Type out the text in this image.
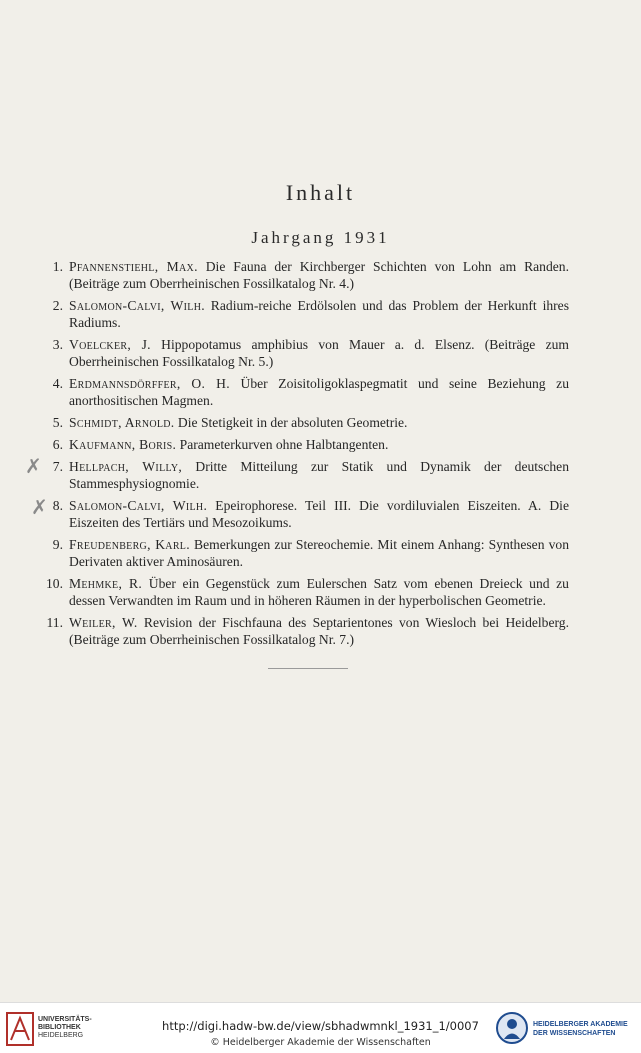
Inhalt
Jahrgang 1931
1. Pfannenstiehl, Max. Die Fauna der Kirchberger Schichten von Lohn am Randen. (Beiträge zum Oberrheinischen Fossilkatalog Nr. 4.)
2. Salomon-Calvi, Wilh. Radium-reiche Erdölsolen und das Problem der Herkunft ihres Radiums.
3. Voelcker, J. Hippopotamus amphibius von Mauer a. d. Elsenz. (Beiträge zum Oberrheinischen Fossilkatalog Nr. 5.)
4. Erdmannsdörffer, O. H. Über Zoisitoligoklaspegmatit und seine Beziehung zu anorthositischen Magmen.
5. Schmidt, Arnold. Die Stetigkeit in der absoluten Geometrie.
6. Kaufmann, Boris. Parameterkurven ohne Halbtangenten.
✗ 7. Hellpach, Willy, Dritte Mitteilung zur Statik und Dynamik der deutschen Stammesphysiognomie.
✗ 8. Salomon-Calvi, Wilh. Epeirophorese. Teil III. Die vordiluvialen Eiszeiten. A. Die Eiszeiten des Tertiärs und Mesozoikums.
9. Freudenberg, Karl. Bemerkungen zur Stereochemie. Mit einem Anhang: Synthesen von Derivaten aktiver Aminosäuren.
10. Mehmke, R. Über ein Gegenstück zum Eulerschen Satz vom ebenen Dreieck und zu dessen Verwandten im Raum und in höheren Räumen in der hyperbolischen Geometrie.
11. Weiler, W. Revision der Fischfauna des Septarientones von Wiesloch bei Heidelberg. (Beiträge zum Oberrheinischen Fossilkatalog Nr. 7.)
UNIVERSITÄTS-
BIBLIOTHEK
HEIDELBERG
http://digi.hadw-bw.de/view/sbhadwmnkl_1931_1/0007
© Heidelberger Akademie der Wissenschaften
HEIDELBERGER AKADEMIE
DER WISSENSCHAFTEN
